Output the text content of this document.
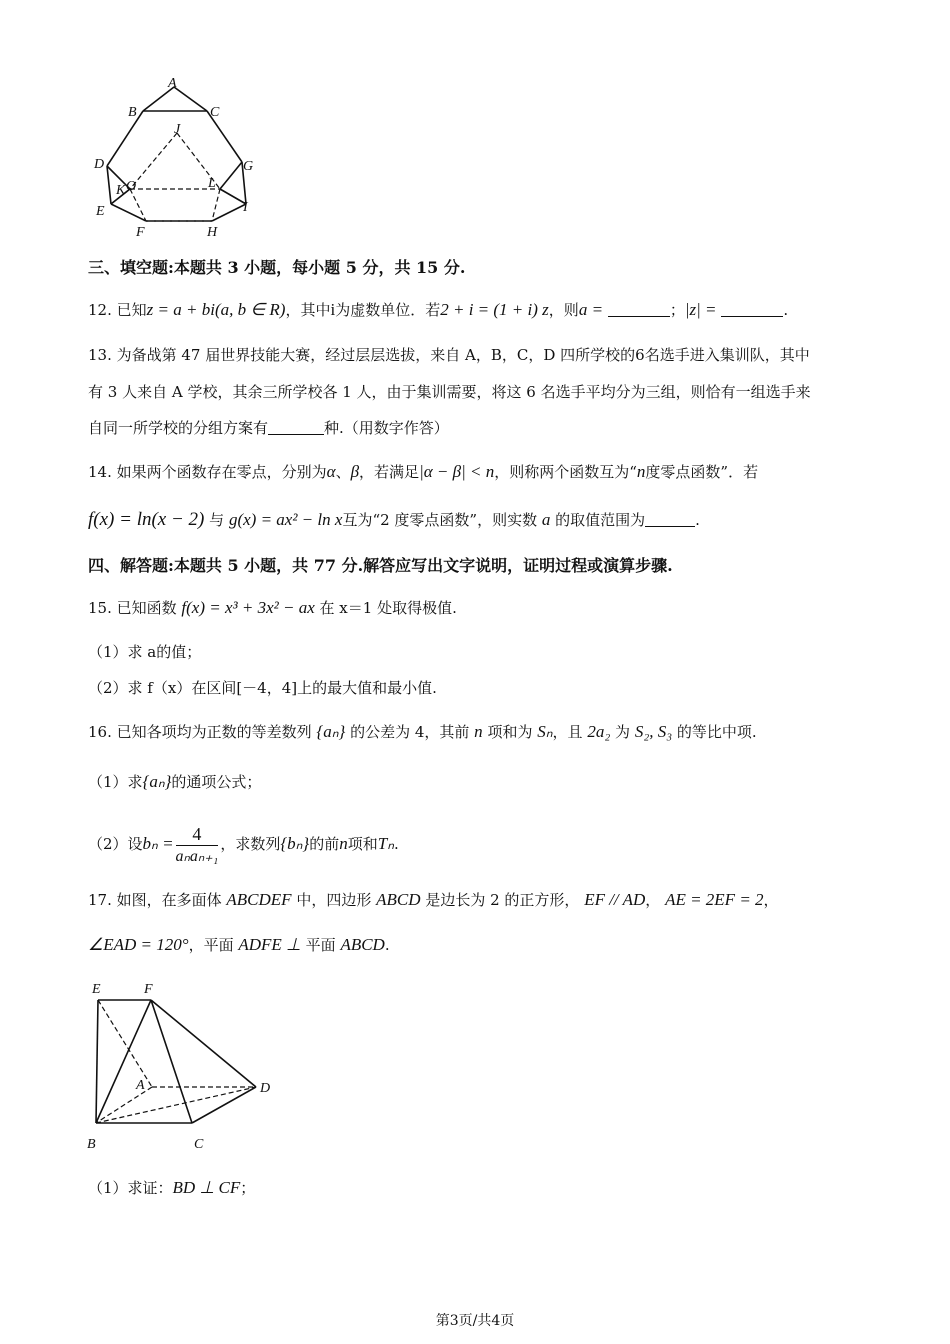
A
B	C
D	G
J
K O	L
E	I
F	H
三、填空题:本题共 3 小题，每小题 5 分，共 15 分.
12. 已知z = a + bi(a, b ∈ R)，其中i为虚数单位．若2 + i = (1 + i) z，则a =	；|z| =	.
13. 为备战第 47 届世界技能大赛，经过层层选拔，来自 A，B，C，D 四所学校的6名选手进入集训队，其中
有 3 人来自 A 学校，其余三所学校各 1 人，由于集训需要，将这 6 名选手平均分为三组，则恰有一组选手来
自同一所学校的分组方案有	种.（用数字作答）
14. 如果两个函数存在零点，分别为α、β，若满足|α − β| < n，则称两个函数互为“n度零点函数”．若
f(x) = ln(x − 2) 与 g(x) = ax² − ln x互为“2 度零点函数”，则实数 a 的取值范围为	.
四、解答题:本题共 5 小题，共 77 分.解答应写出文字说明，证明过程或演算步骤.
15. 已知函数 f(x) = x³ + 3x² − ax 在 x＝1 处取得极值.
（1）求 a的值；
（2）求 f（x）在区间[－4，4]上的最大值和最小值.
16. 已知各项均为正数的等差数列 {aₙ} 的公差为 4，其前 n 项和为 Sₙ，且 2a₂ 为 S₂, S₃ 的等比中项.
（1）求{aₙ}的通项公式；
（2）设$b_n = \frac{4}{\text{aₙaₙ₊₁}}$ ，求数列{bₙ}的前n项和Tₙ.
17. 如图，在多面体 ABCDEF 中，四边形 ABCD 是边长为 2 的正方形， EF // AD， AE = 2EF = 2，
∠EAD = 120°，平面 ADFE ⊥ 平面 ABCD.
E	F
A	D
B	C
（1）求证：BD ⊥ CF；
第3页/共4页
